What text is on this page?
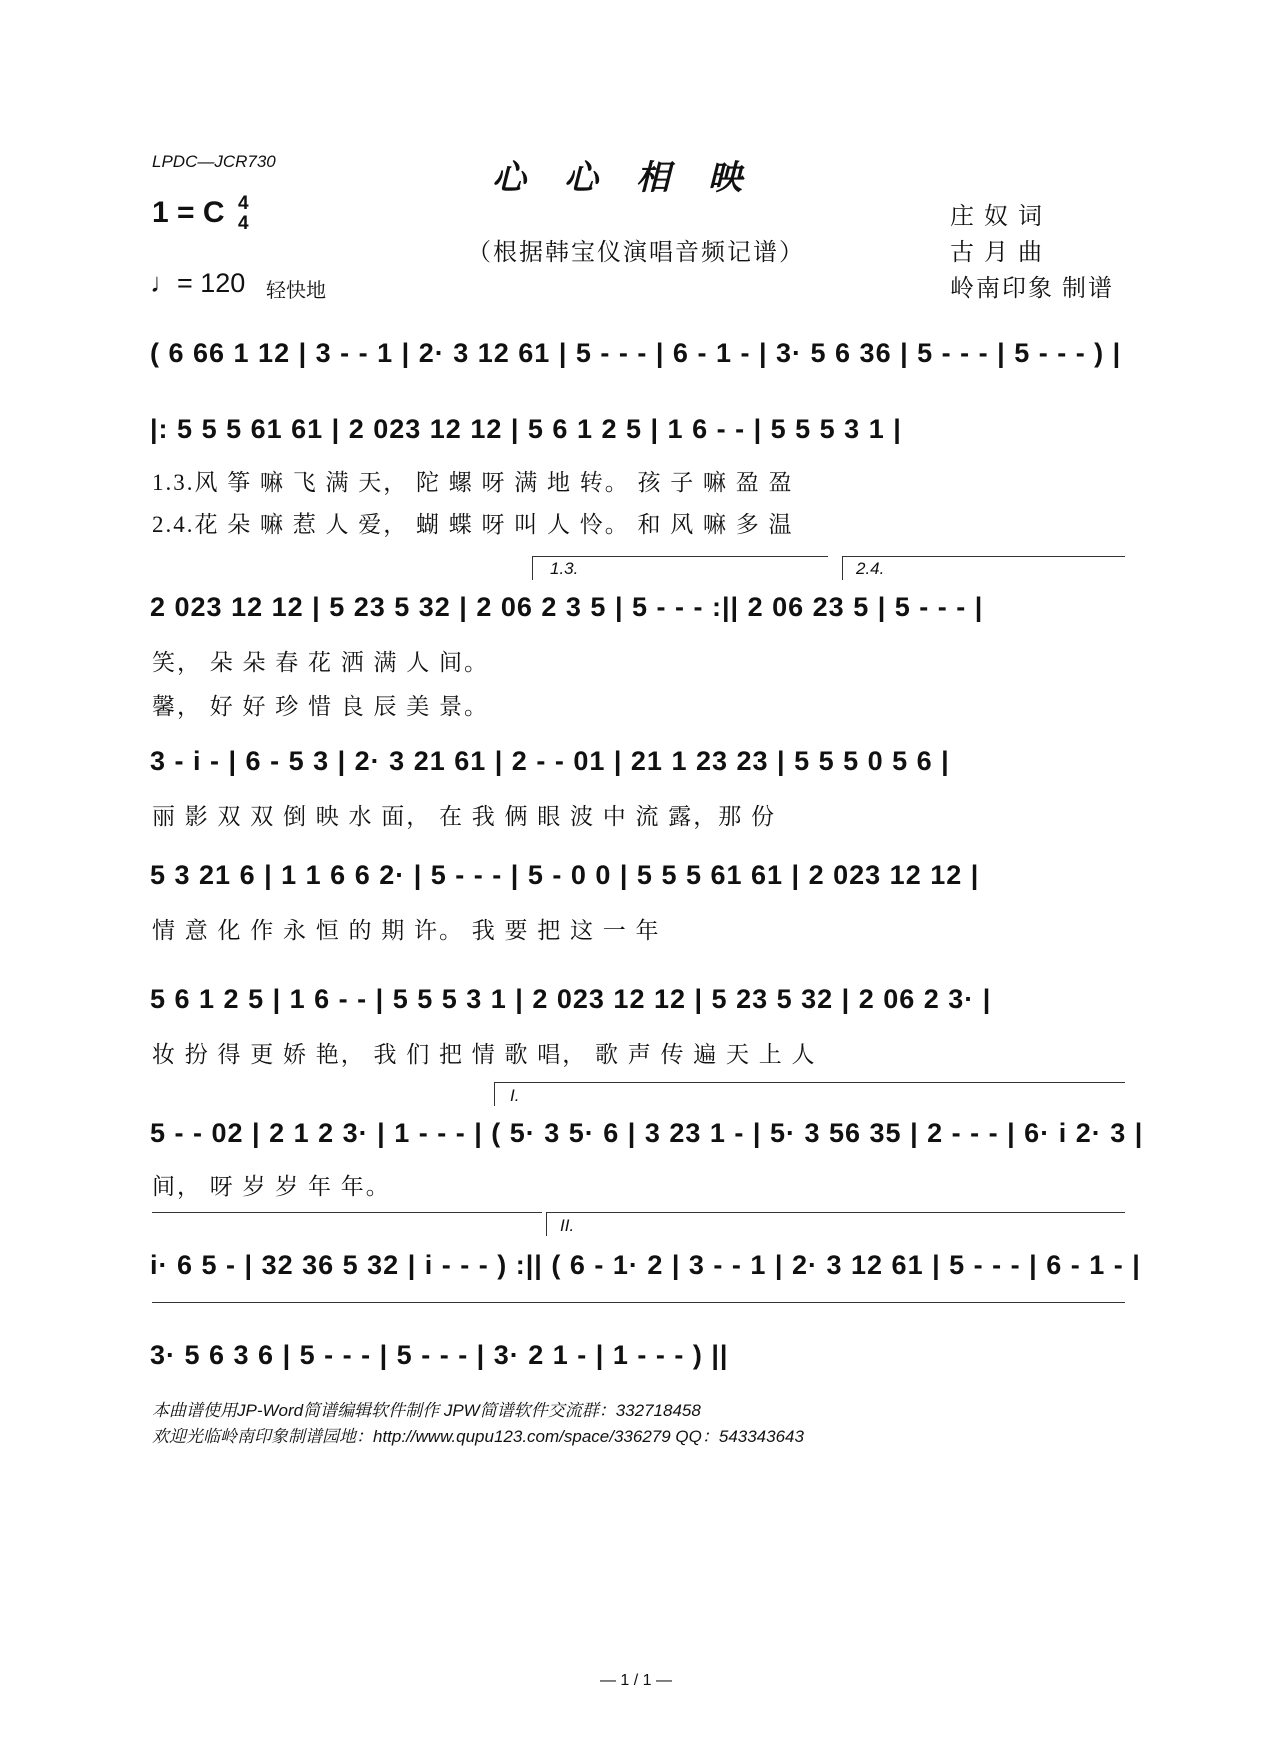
LPDC—JCR730	心心相映
（根据韩宝仪演唱音频记谱）
1 = C 4
4
♩= 120 轻快地
庄 奴 词
古 月 曲
岭南印象 制谱
( 6 66 1 12 | 3 - - 1 | 2· 3 12 61 | 5 - - - | 6 - 1 - | 3· 5 6 36 | 5 - - - | 5 - - - ) |
|: 5 5 5 61 61 | 2 023 12 12 | 5 6 1 2 5 | 1 6 - - | 5 5 5 3 1 |
1.3.风 筝 嘛 飞 满 天， 陀 螺 呀 满 地 转。 孩 子 嘛 盈 盈
2.4.花 朵 嘛 惹 人 爱， 蝴 蝶 呀 叫 人 怜。 和 风 嘛 多 温
1.3.	2.4.
2 023 12 12 | 5 23 5 32 | 2 06 2 3 5 | 5 - - - :|| 2 06 23 5 | 5 - - - |
笑， 朵 朵 春 花 洒 满 人 间。
馨， 好 好 珍 惜 良 辰 美 景。
3 - i - | 6 - 5 3 | 2· 3 21 61 | 2 - - 01 | 21 1 23 23 | 5 5 5 0 5 6 |
丽 影 双 双 倒 映 水 面， 在 我 俩 眼 波 中 流 露，那 份
5 3 21 6 | 1 1 6 6 2· | 5 - - - | 5 - 0 0 | 5 5 5 61 61 | 2 023 12 12 |
情 意 化 作 永 恒 的 期 许。 我 要 把 这 一 年
5 6 1 2 5 | 1 6 - - | 5 5 5 3 1 | 2 023 12 12 | 5 23 5 32 | 2 06 2 3· |
妆 扮 得 更 娇 艳， 我 们 把 情 歌 唱， 歌 声 传 遍 天 上 人
I.
5 - - 02 | 2 1 2 3· | 1 - - - | ( 5· 3 5· 6 | 3 23 1 - | 5· 3 56 35 | 2 - - - | 6· i 2· 3 |
间， 呀 岁 岁 年 年。
II.
i· 6 5 - | 32 36 5 32 | i - - - ) :|| ( 6 - 1· 2 | 3 - - 1 | 2· 3 12 61 | 5 - - - | 6 - 1 - |
3· 5 6 3 6 | 5 - - - | 5 - - - | 3· 2 1 - | 1 - - - ) ||
本曲谱使用JP-Word简谱编辑软件制作 JPW简谱软件交流群：332718458
欢迎光临岭南印象制谱园地：http://www.qupu123.com/space/336279 QQ：543343643
— 1 / 1 —
